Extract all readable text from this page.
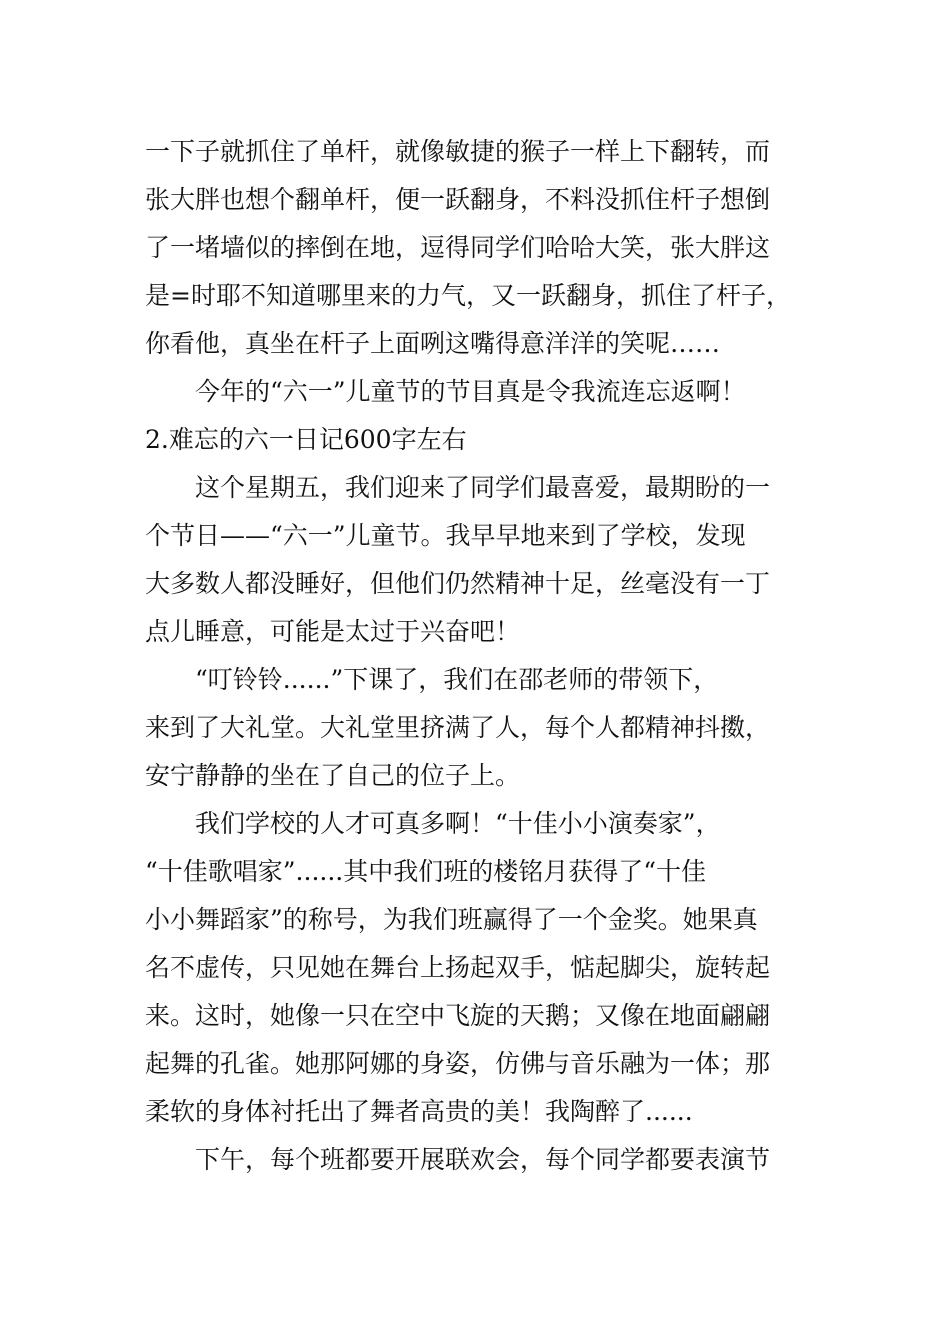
一下子就抓住了单杆，就像敏捷的猴子一样上下翻转，而
张大胖也想个翻单杆，便一跃翻身，不料没抓住杆子想倒
了一堵墙似的摔倒在地，逗得同学们哈哈大笑，张大胖这
是=时耶不知道哪里来的力气，又一跃翻身，抓住了杆子，
你看他，真坐在杆子上面咧这嘴得意洋洋的笑呢……
今年的“六一”儿童节的节目真是令我流连忘返啊！
2.难忘的六一日记600字左右
这个星期五，我们迎来了同学们最喜爱，最期盼的一
个节日——“六一”儿童节。我早早地来到了学校，发现
大多数人都没睡好，但他们仍然精神十足，丝毫没有一丁
点儿睡意，可能是太过于兴奋吧！
“叮铃铃......”下课了，我们在邵老师的带领下，
来到了大礼堂。大礼堂里挤满了人，每个人都精神抖擞，
安宁静静的坐在了自己的位子上。
我们学校的人才可真多啊！“十佳小小演奏家”，
“十佳歌唱家”......其中我们班的楼铭月获得了“十佳
小小舞蹈家”的称号，为我们班赢得了一个金奖。她果真
名不虚传，只见她在舞台上扬起双手，惦起脚尖，旋转起
来。这时，她像一只在空中飞旋的天鹅；又像在地面翩翩
起舞的孔雀。她那阿娜的身姿，仿佛与音乐融为一体；那
柔软的身体衬托出了舞者高贵的美！我陶醉了......
下午，每个班都要开展联欢会，每个同学都要表演节
